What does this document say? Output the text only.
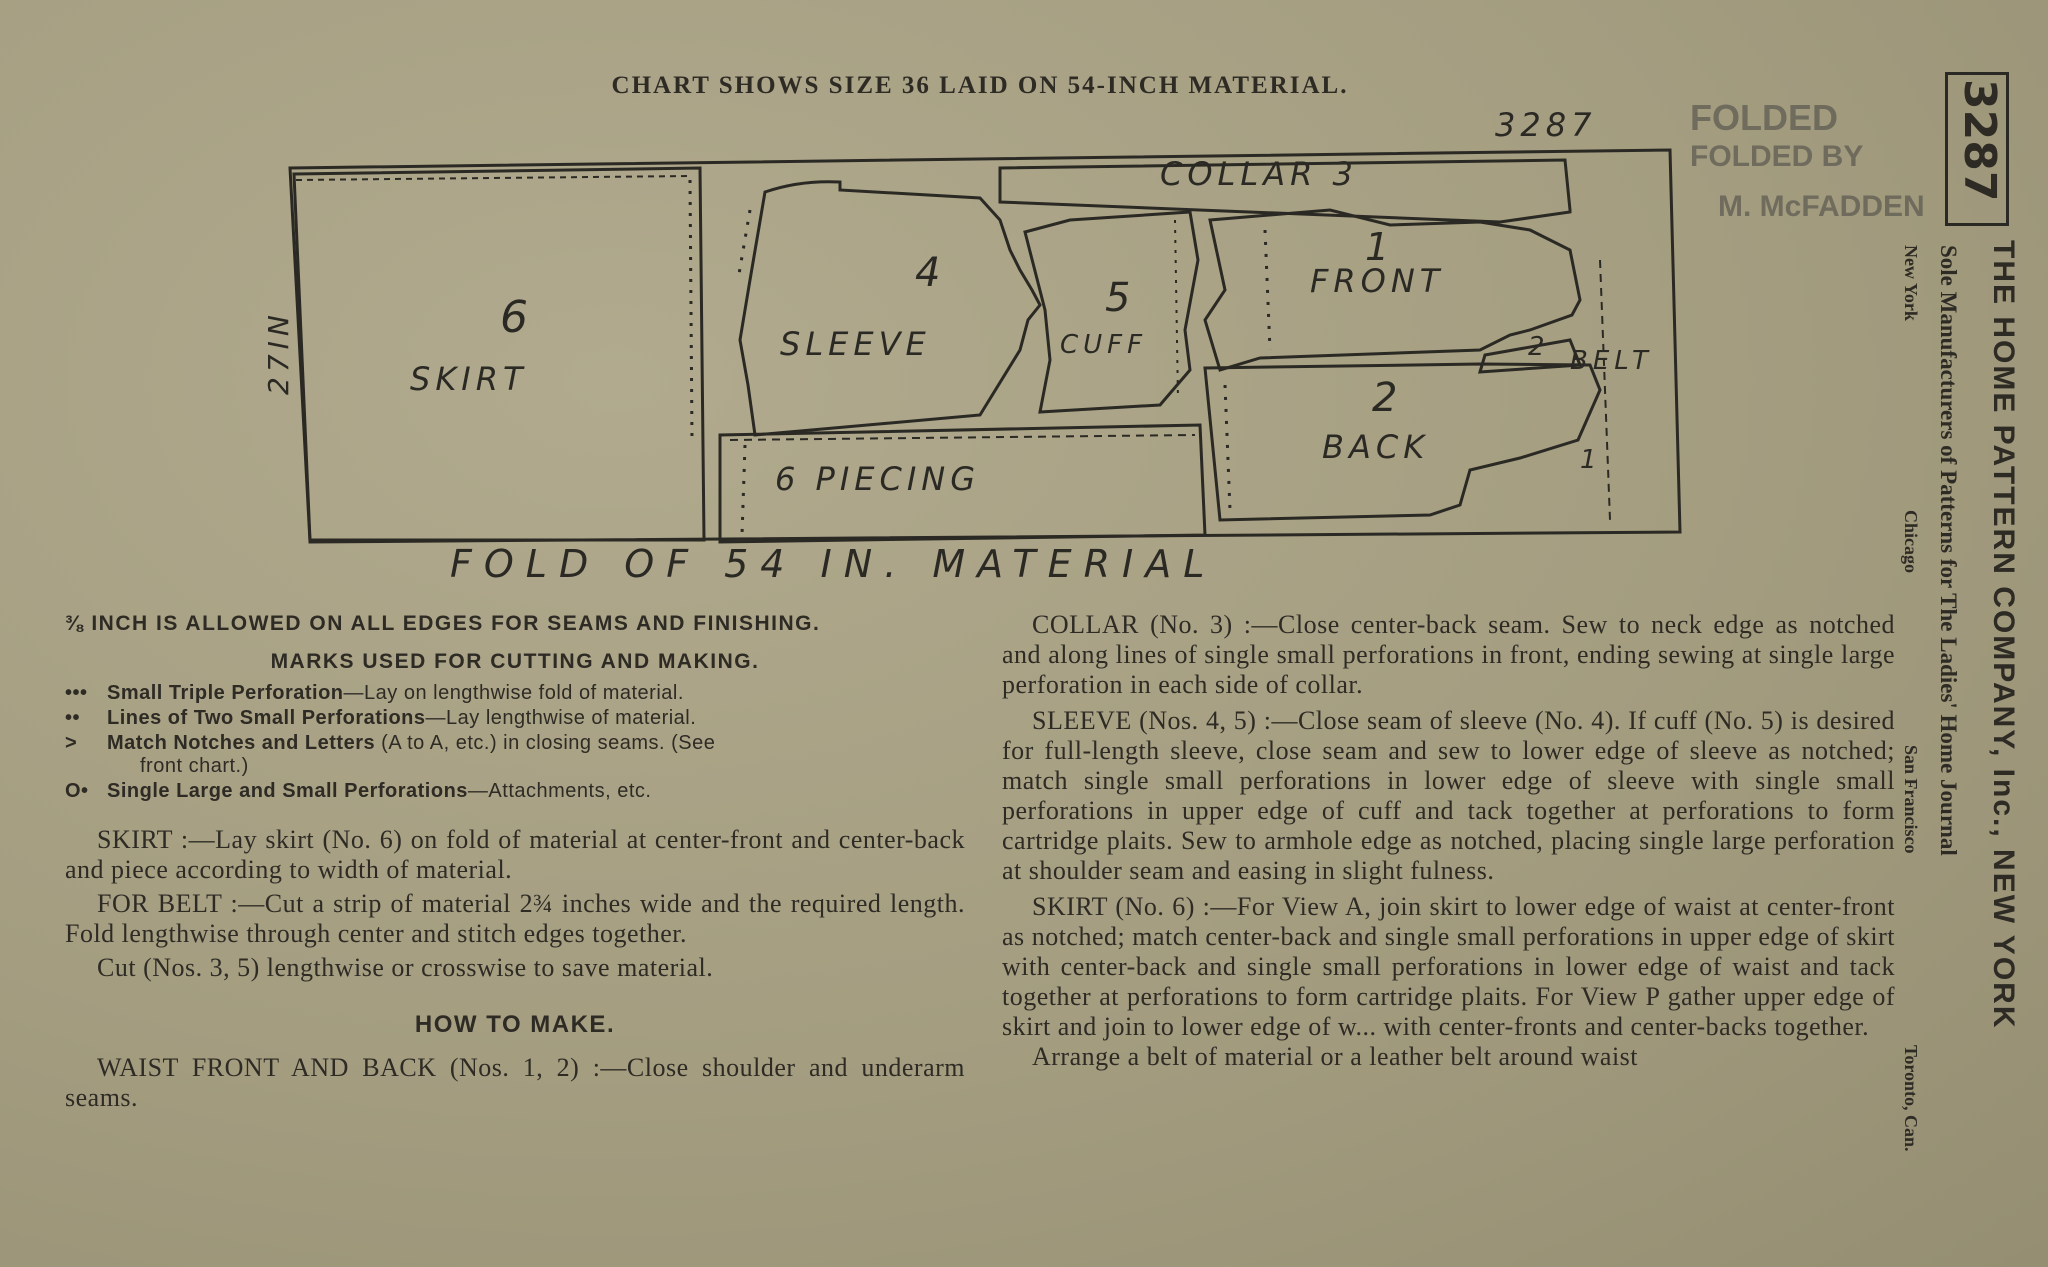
CHART SHOWS SIZE 36 LAID ON 54-INCH MATERIAL.
6
SKIRT
27IN
4
SLEEVE
5
CUFF
COLLAR 3
1
FRONT
2 BELT
2
BACK	1
6 PIECING
3287	FOLDED
FOLDED BY
M. McFADDEN
FOLD OF 54 IN. MATERIAL
⅜ INCH IS ALLOWED ON ALL EDGES FOR SEAMS AND FINISHING.
MARKS USED FOR CUTTING AND MAKING.
••• Small Triple Perforation—Lay on lengthwise fold of material.
•• Lines of Two Small Perforations—Lay lengthwise of material.
> Match Notches and Letters (A to A, etc.) in closing seams. (See
front chart.)
O• Single Large and Small Perforations—Attachments, etc.
SKIRT :—Lay skirt (No. 6) on fold of material at center-front and center-back and piece according to width of material.
FOR BELT :—Cut a strip of material 2¾ inches wide and the required length. Fold lengthwise through center and stitch edges together.
Cut (Nos. 3, 5) lengthwise or crosswise to save material.
HOW TO MAKE.
WAIST FRONT AND BACK (Nos. 1, 2) :—Close shoulder and underarm seams.
COLLAR (No. 3) :—Close center-back seam. Sew to neck edge as notched and along lines of single small perforations in front, ending sewing at single large perforation in each side of collar.
SLEEVE (Nos. 4, 5) :—Close seam of sleeve (No. 4). If cuff (No. 5) is desired for full-length sleeve, close seam and sew to lower edge of sleeve as notched; match single small perforations in lower edge of sleeve with single small perforations in upper edge of cuff and tack together at perforations to form cartridge plaits. Sew to armhole edge as notched, placing single large perforation at shoulder seam and easing in slight fulness.
SKIRT (No. 6) :—For View A, join skirt to lower edge of waist at center-front as notched; match center-back and single small perforations in upper edge of skirt with center-back and single small perforations in lower edge of waist and tack together at perforations to form cartridge plaits. For View P gather upper edge of skirt and join to lower edge of w... with center-fronts and center-backs together.
Arrange a belt of material or a leather belt around waist
3287
THE HOME PATTERN COMPANY, Inc., NEW YORK
Sole Manufacturers of Patterns for The Ladies' Home Journal
New York
Chicago
San Francisco
Toronto, Can.
